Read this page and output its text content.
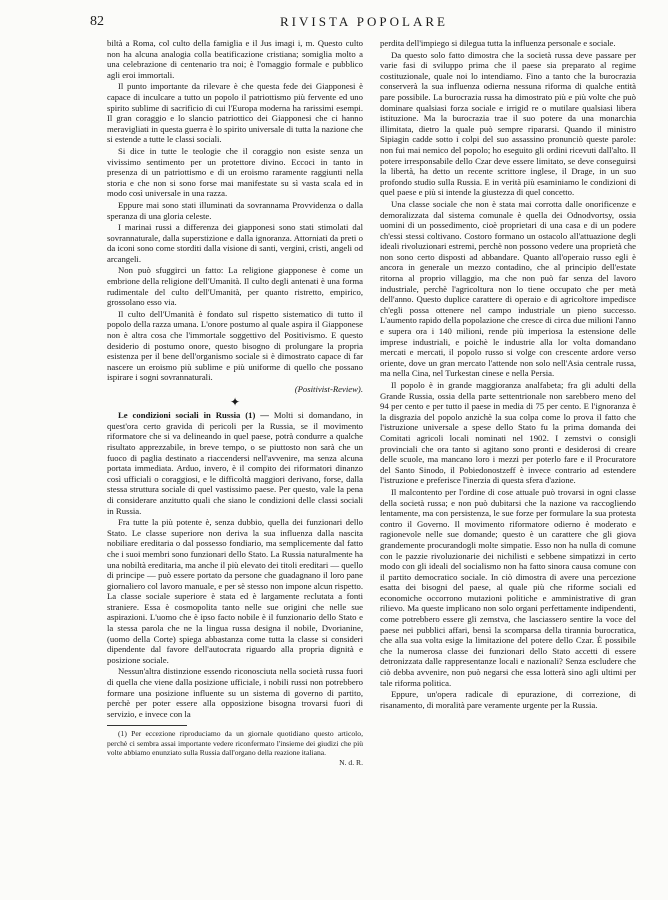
82	RIVISTA POPOLARE

biltà a Roma, col culto della famiglia e il Jus imagi i, m. Questo culto non ha alcuna analogia colla beatificazione cristiana; somiglia molto a una celebrazione di centenario tra noi; è l'omaggio formale e pubblico agli eroi immortali.

Il punto importante da rilevare è che questa fede dei Giapponesi è capace di inculcare a tutto un popolo il patriottismo più fervente ed uno spirito sublime di sacrificio di cui l'Europa moderna ha rarissimi esempi. Il gran coraggio e lo slancio patriottico dei Giapponesi che ci hanno meravigliati in questa guerra è lo spirito universale di tutta la nazione che si estende a tutte le classi sociali.

Si dice in tutte le teologie che il coraggio non esiste senza un vivissimo sentimento per un protettore divino. Eccoci in tanto in presenza di un patriottismo e di un eroismo raramente raggiunti nella storia e che non si sono forse mai manifestate su sì vasta scala ed in modo così universale in una razza.

Eppure mai sono stati illuminati da sovrannama Provvidenza o dalla speranza di una gloria celeste.

I marinai russi a differenza dei giapponesi sono stati stimolati dal sovrannaturale, dalla superstizione e dalla ignoranza. Attorniati da preti o da iconi sono come storditi dalla visione di santi, vergini, cristi, angeli od arcangeli.

Non può sfuggirci un fatto: La religione giapponese è come un embrione della religione dell'Umanità. Il culto degli antenati è una forma rudimentale del culto dell'Umanità, per quanto ristretto, empirico, grossolano esso via.

Il culto dell'Umanità è fondato sul rispetto sistematico di tutto il popolo della razza umana. L'onore postumo al quale aspira il Giapponese non è altra cosa che l'immortale soggettivo del Positivismo. E questo desiderio di postumo onore, questo bisogno di prolungare la propria esistenza per il bene dell'organismo sociale si è dimostrato capace di far nascere un eroismo più sublime e più uniforme di quello che possano ispirare i sogni sovrannaturali.

(Positivist-Review).

✦

Le condizioni sociali in Russia (1) — Molti si domandano, in quest'ora certo gravida di pericoli per la Russia, se il movimento riformatore che si va delineando in quel paese, potrà condurre a qualche risultato apprezzabile, in breve tempo, o se piuttosto non sarà che un fuoco di paglia destinato a riaccendersi nell'avvenire, ma senza alcuna portata immediata. Arduo, invero, è il compito dei riformatori dinanzo così ufficiali o coraggiosi, e le difficoltà maggiori derivano, forse, dalla stessa struttura sociale di quel vastissimo paese. Per questo, vale la pena di considerare anzitutto quali che siano le condizioni delle classi sociali in Russia.

Fra tutte la più potente è, senza dubbio, quella dei funzionari dello Stato. Le classe superiore non deriva la sua influenza dalla nascita nobiliare ereditaria o dal possesso fondiario, ma semplicemente dal fatto che i suoi membri sono funzionari dello Stato. La Russia naturalmente ha una nobiltà ereditaria, ma anche il più elevato dei titoli ereditari — quello di principe — può essere portato da persone che guadagnano il loro pane giornaliero col lavoro manuale, e per sè stesso non impone alcun rispetto. La classe sociale superiore è stata ed è largamente reclutata a fonti straniere. Essa è cosmopolita tanto nelle sue origini che nelle sue aspirazioni. L'uomo che è ipso facto nobile è il funzionario dello Stato e la stessa parola che ne la lingua russa designa il nobile, Dvorianine, (uomo della Corte) spiega abbastanza come tutta la classe si consideri dipendente dal favore dell'autocrata riguardo alla propria dignità e posizione sociale.

Nessun'altra distinzione essendo riconosciuta nella società russa fuori di quella che viene dalla posizione ufficiale, i nobili russi non potrebbero formare una posizione influente su un sistema di governo di partito, perchè per poter essere alla opposizione bisogna trovarsi fuori di servizio, e invece con la

(1) Per eccezione riproduciamo da un giornale quotidiano questo articolo, perchè ci sembra assai importante vedere riconfermato l'insieme dei giudizi che più volte abbiamo enunziato sulla Russia dall'organo della reazione italiana.

N. d. R.

perdita dell'impiego si dilegua tutta la influenza personale e sociale.

Da questo solo fatto dimostra che la società russa deve passare per varie fasi di sviluppo prima che il paese sia preparato al regime costituzionale, quale noi lo intendiamo. Fino a tanto che la burocrazia conserverà la sua influenza odierna nessuna riforma di qualche entità pare possibile. La burocrazia russa ha dimostrato più e più volte che può dominare qualsiasi forza sociale e irrigid re o mutilare qualsiasi libera istituzione. Ma la burocrazia trae il suo potere da una monarchia illimitata, dietro la quale può sempre ripararsi. Quando il ministro Sipiagin cadde sotto i colpi del suo assassino pronunciò queste parole: non fui mai nemico del popolo; ho eseguito gli ordini ricevuti dall'alto. Il potere irresponsabile dello Czar deve essere limitato, se deve conseguirsi la libertà, ha detto un recente scrittore inglese, il Drage, in un suo profondo studio sulla Russia. E in verità più esaminiamo le condizioni di quel paese e più si intende la giustezza di quel concetto.

Una classe sociale che non è stata mai corrotta dalle onorificenze e demoralizzata dal sistema comunale è quella dei Odnodvortsy, ossia uomini di un possedimento, cioè proprietari di una casa e di un podere ch'essi stessi coltivano. Costoro formano un ostacolo all'attuazione degli ideali rivoluzionari estremi, perchè non possono vedere una proprietà che non sono certo disposti ad abbandare. Quanto all'operaio russo egli è ancora in generale un mezzo contadino, che al principio dell'estate ritorna al proprio villaggio, ma che non può far senza del lavoro industriale, perchè l'agricoltura non lo tiene occupato che per metà dell'anno. Questo duplice carattere di operaio e di agricoltore impedisce ch'egli possa ottenere nel campo industriale un pieno successo. L'aumento rapido della popolazione che cresce di circa due milioni l'anno e supera ora i 140 milioni, rende più imperiosa la estensione delle imprese industriali, e poichè le industrie alla lor volta domandano mercati e mercati, il popolo russo si volge con crescente ardore verso oriente, dove un gran mercato l'attende non solo nell'Asia centrale russa, ma nella Cina, nel Turkestan cinese e nella Persia.

Il popolo è in grande maggioranza analfabeta; fra gli adulti della Grande Russia, ossia della parte settentrionale non sarebbero meno del 94 per cento e per tutto il paese in media di 75 per cento. E l'ignoranza è la disgrazia del popolo anzichè la sua colpa come lo prova il fatto che l'istruzione universale a spese dello Stato fu la prima domanda dei Comitati agricoli locali nominati nel 1902. I zemstvi o consigli provinciali che ora tanto si agitano sono pronti e desiderosi di creare delle scuole, ma mancano loro i mezzi per poterlo fare e il Procuratore del Santo Sinodo, il Pobiedonostzeff è invece contrario ad estendere l'istruzione e preferisce l'inerzia di questa sfera d'azione.

Il malcontento per l'ordine di cose attuale può trovarsi in ogni classe della società russa; e non può dubitarsi che la nazione va raccogliendo lentamente, ma con persistenza, le sue forze per formulare la sua protesta contro il Governo. Il movimento riformatore odierno è moderato e ragionevole nelle sue domande; questo è un carattere che gli giova grandemente procurandogli molte simpatie. Esso non ha nulla di comune con le pazzie rivoluzionarie dei nichilisti e sebbene simpatizzi in certo modo con gli ideali del socialismo non ha fatto sinora causa comune con il partito democratico sociale. In ciò dimostra di avere una percezione esatta dei bisogni del paese, al quale più che riforme sociali ed economiche occorrono mutazioni politiche e amministrative di gran rilievo. Ma queste implicano non solo organi perfettamente indipendenti, come potrebbero essere gli zemstva, che lasciassero sentire la voce del paese nei pubblici affari, bensì la scomparsa della tirannia burocratica, che alla sua volta esige la limitazione del potere dello Czar. È possibile che la numerosa classe dei funzionari dello Stato accetti di essere detronizzata dalle rappresentanze locali e nazionali? Senza escludere che ciò debba avvenire, non può negarsi che essa lotterà sino agli ultimi per tale riforma politica.

Eppure, un'opera radicale di epurazione, di correzione, di risanamento, di moralità pare veramente urgente per la Russia.
